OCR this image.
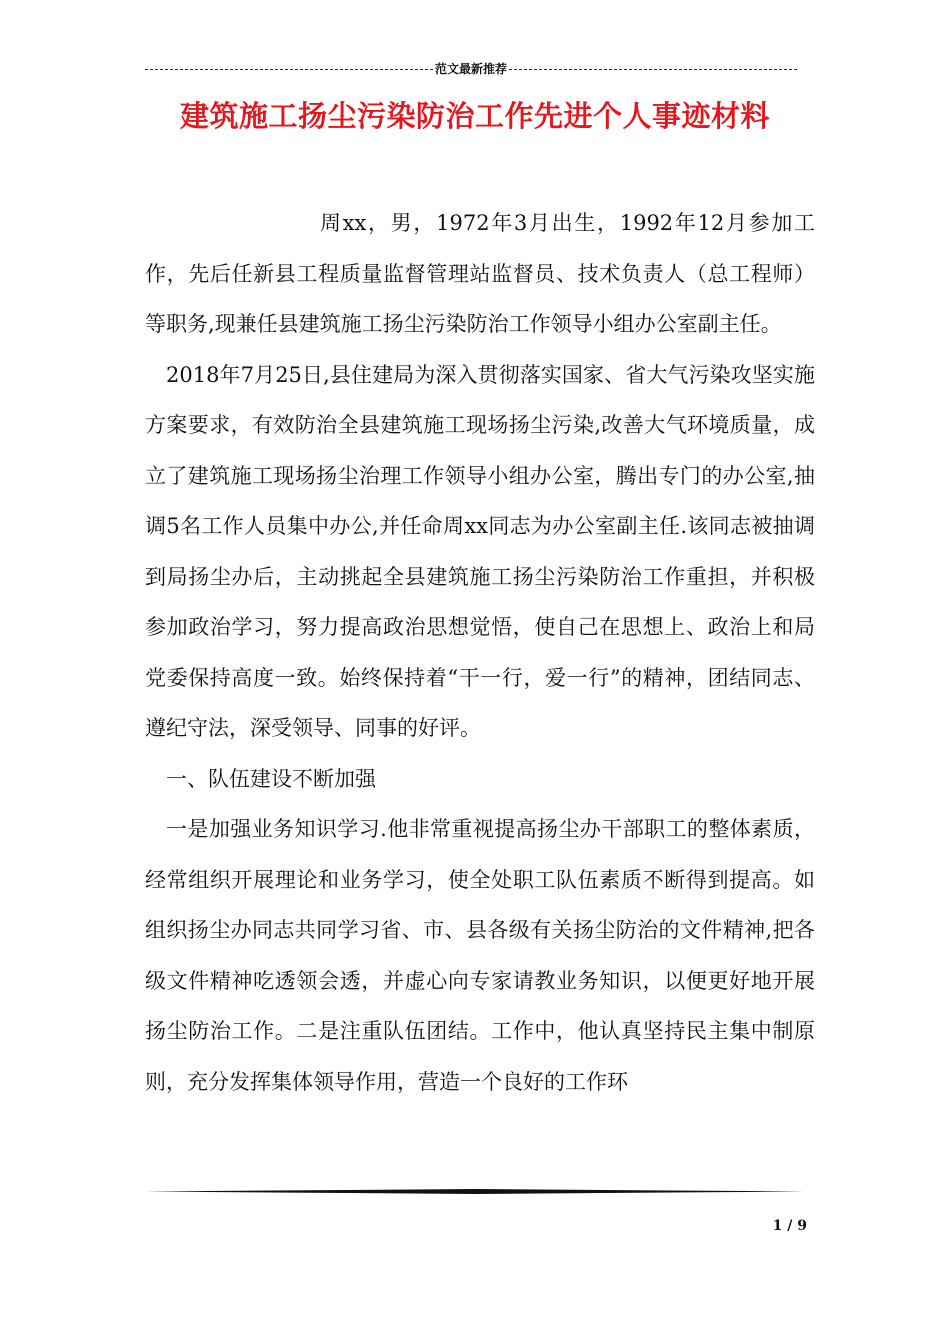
范文最新推荐
建筑施工扬尘污染防治工作先进个人事迹材料

周xx，男，1972年3月出生，1992年12月参加工作，先后任新县工程质量监督管理站监督员、技术负责人（总工程师）等职务,现兼任县建筑施工扬尘污染防治工作领导小组办公室副主任。

2018年7月25日,县住建局为深入贯彻落实国家、省大气污染攻坚实施方案要求，有效防治全县建筑施工现场扬尘污染,改善大气环境质量，成立了建筑施工现场扬尘治理工作领导小组办公室，腾出专门的办公室,抽调5名工作人员集中办公,并任命周xx同志为办公室副主任.该同志被抽调到局扬尘办后，主动挑起全县建筑施工扬尘污染防治工作重担，并积极参加政治学习，努力提高政治思想觉悟，使自己在思想上、政治上和局党委保持高度一致。始终保持着“干一行，爱一行”的精神，团结同志、遵纪守法，深受领导、同事的好评。

一、队伍建设不断加强

一是加强业务知识学习.他非常重视提高扬尘办干部职工的整体素质，经常组织开展理论和业务学习，使全处职工队伍素质不断得到提高。如组织扬尘办同志共同学习省、市、县各级有关扬尘防治的文件精神,把各级文件精神吃透领会透，并虚心向专家请教业务知识，以便更好地开展扬尘防治工作。二是注重队伍团结。工作中，他认真坚持民主集中制原则，充分发挥集体领导作用，营造一个良好的工作环

1 / 9
